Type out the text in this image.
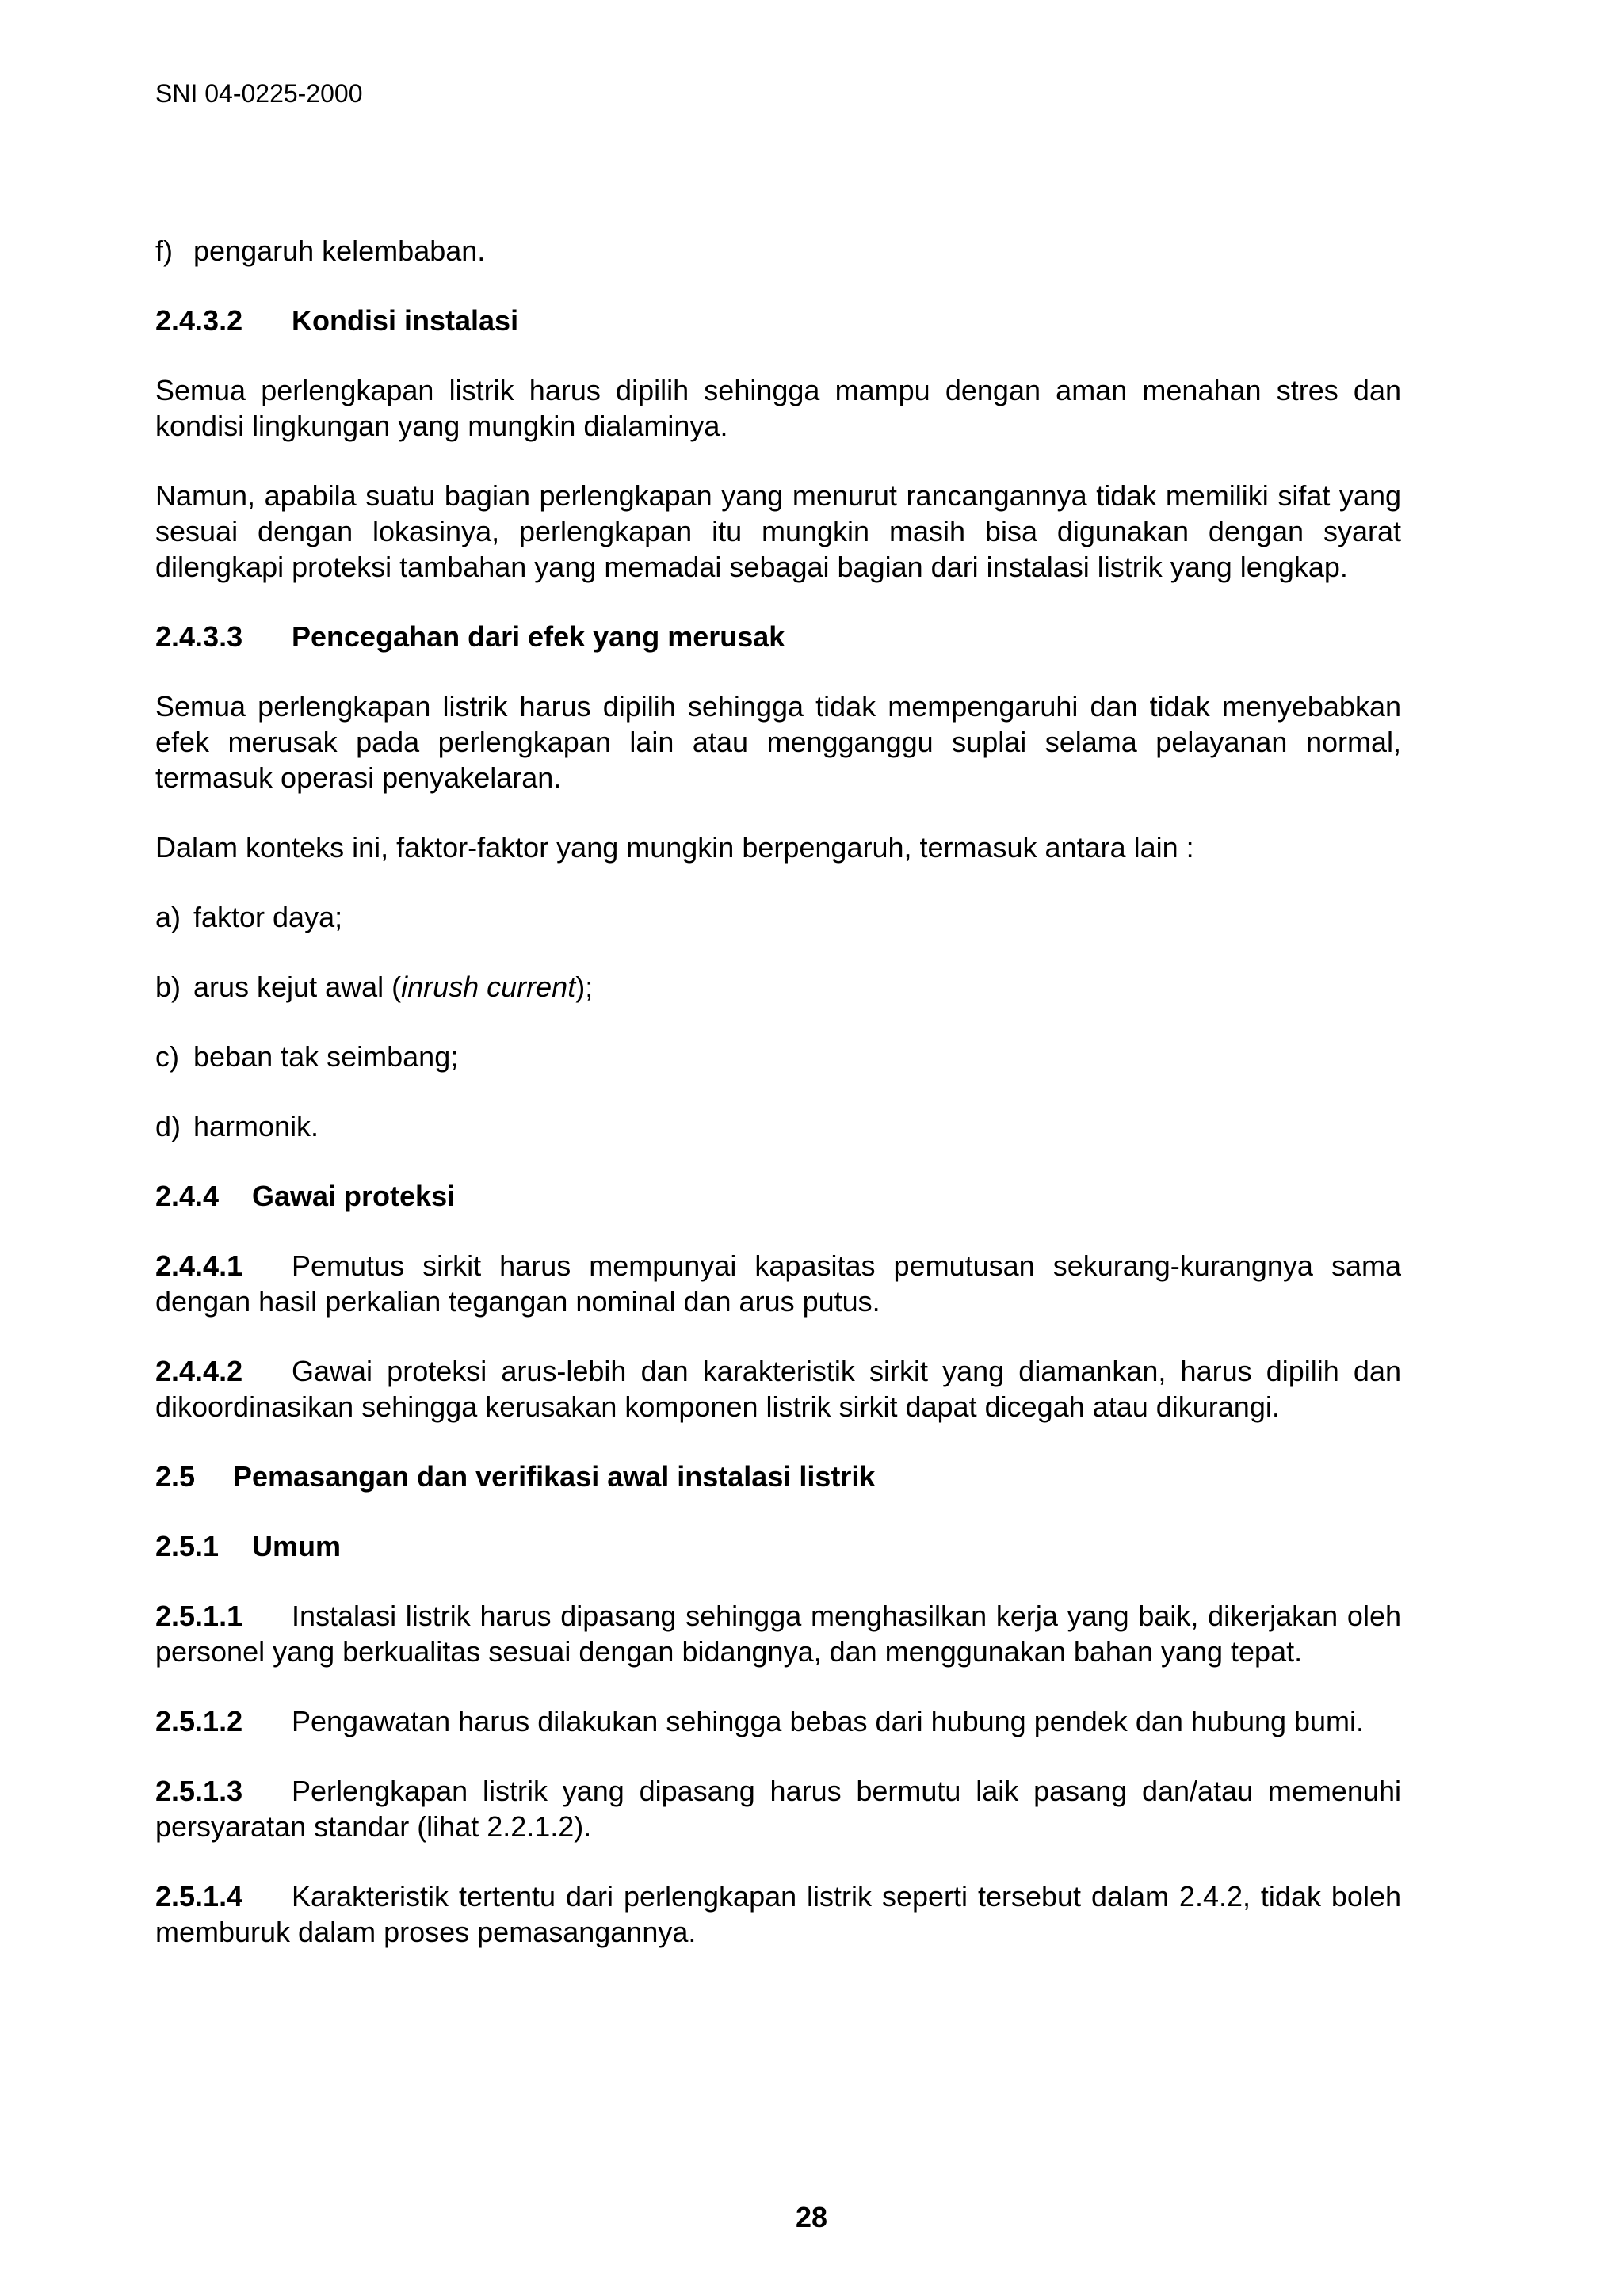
SNI 04-0225-2000
f) pengaruh kelembaban.
2.4.3.2	Kondisi instalasi
Semua perlengkapan listrik harus dipilih sehingga mampu dengan aman menahan stres dan kondisi lingkungan yang mungkin dialaminya.
Namun, apabila suatu bagian perlengkapan yang menurut rancangannya tidak memiliki sifat yang sesuai dengan lokasinya, perlengkapan itu mungkin masih bisa digunakan dengan syarat dilengkapi proteksi tambahan yang memadai sebagai bagian dari instalasi listrik yang lengkap.
2.4.3.3	Pencegahan dari efek yang merusak
Semua perlengkapan listrik harus dipilih sehingga tidak mempengaruhi dan tidak menyebabkan efek merusak pada perlengkapan lain atau mengganggu suplai selama pelayanan normal, termasuk operasi penyakelaran.
Dalam konteks ini, faktor-faktor yang mungkin berpengaruh, termasuk antara lain :
a) faktor daya;
b) arus kejut awal (inrush current);
c) beban tak seimbang;
d) harmonik.
2.4.4	Gawai proteksi
2.4.4.1 Pemutus sirkit harus mempunyai kapasitas pemutusan sekurang-kurangnya sama dengan hasil perkalian tegangan nominal dan arus putus.
2.4.4.2 Gawai proteksi arus-lebih dan karakteristik sirkit yang diamankan, harus dipilih dan dikoordinasikan sehingga kerusakan komponen listrik sirkit dapat dicegah atau dikurangi.
2.5	Pemasangan dan verifikasi awal instalasi listrik
2.5.1	Umum
2.5.1.1 Instalasi listrik harus dipasang sehingga menghasilkan kerja yang baik, dikerjakan oleh personel yang berkualitas sesuai dengan bidangnya, dan menggunakan bahan yang tepat.
2.5.1.2 Pengawatan harus dilakukan sehingga bebas dari hubung pendek dan hubung bumi.
2.5.1.3 Perlengkapan listrik yang dipasang harus bermutu laik pasang dan/atau memenuhi persyaratan standar (lihat 2.2.1.2).
2.5.1.4 Karakteristik tertentu dari perlengkapan listrik seperti tersebut dalam 2.4.2, tidak boleh memburuk dalam proses pemasangannya.
28
